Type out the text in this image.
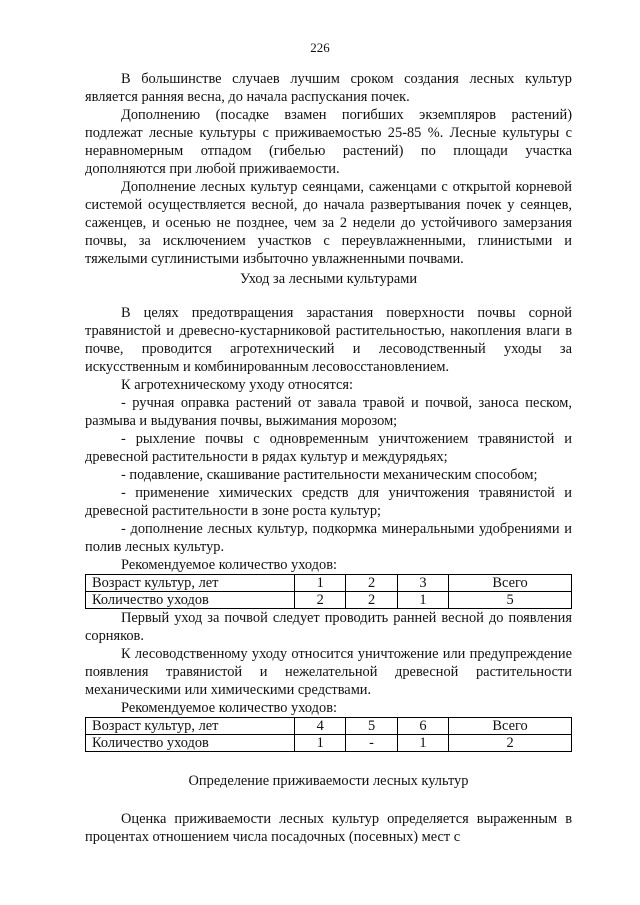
226

В большинстве случаев лучшим сроком создания лесных культур является ранняя весна, до начала распускания почек.

Дополнению (посадке взамен погибших экземпляров растений) подлежат лесные культуры с приживаемостью 25-85 %. Лесные культуры с неравномерным отпадом (гибелью растений) по площади участка дополняются при любой приживаемости.

Дополнение лесных культур сеянцами, саженцами с открытой корневой системой осуществляется весной, до начала развертывания почек у сеянцев, саженцев, и осенью не позднее, чем за 2 недели до устойчивого замерзания почвы, за исключением участков с переувлажненными, глинистыми и тяжелыми суглинистыми избыточно увлажненными почвами.

Уход за лесными культурами

В целях предотвращения зарастания поверхности почвы сорной травянистой и древесно-кустарниковой растительностью, накопления влаги в почве, проводится агротехнический и лесоводственный уходы за искусственным и комбинированным лесовосстановлением.

К агротехническому уходу относятся:

- ручная оправка растений от завала травой и почвой, заноса песком, размыва и выдувания почвы, выжимания морозом;

- рыхление почвы с одновременным уничтожением травянистой и древесной растительности в рядах культур и междурядьях;

- подавление, скашивание растительности механическим способом;

- применение химических средств для уничтожения травянистой и древесной растительности в зоне роста культур;

- дополнение лесных культур, подкормка минеральными удобрениями и полив лесных культур.

Рекомендуемое количество уходов:

Возраст культур, лет	1	2	3	Всего
Количество уходов	2	2	1	5

Первый уход за почвой следует проводить ранней весной до появления сорняков.

К лесоводственному уходу относится уничтожение или предупреждение появления травянистой и нежелательной древесной растительности механическими или химическими средствами.

Рекомендуемое количество уходов:

Возраст культур, лет	4	5	6	Всего
Количество уходов	1	-	1	2

Определение приживаемости лесных культур

Оценка приживаемости лесных культур определяется выраженным в процентах отношением числа посадочных (посевных) мест с
